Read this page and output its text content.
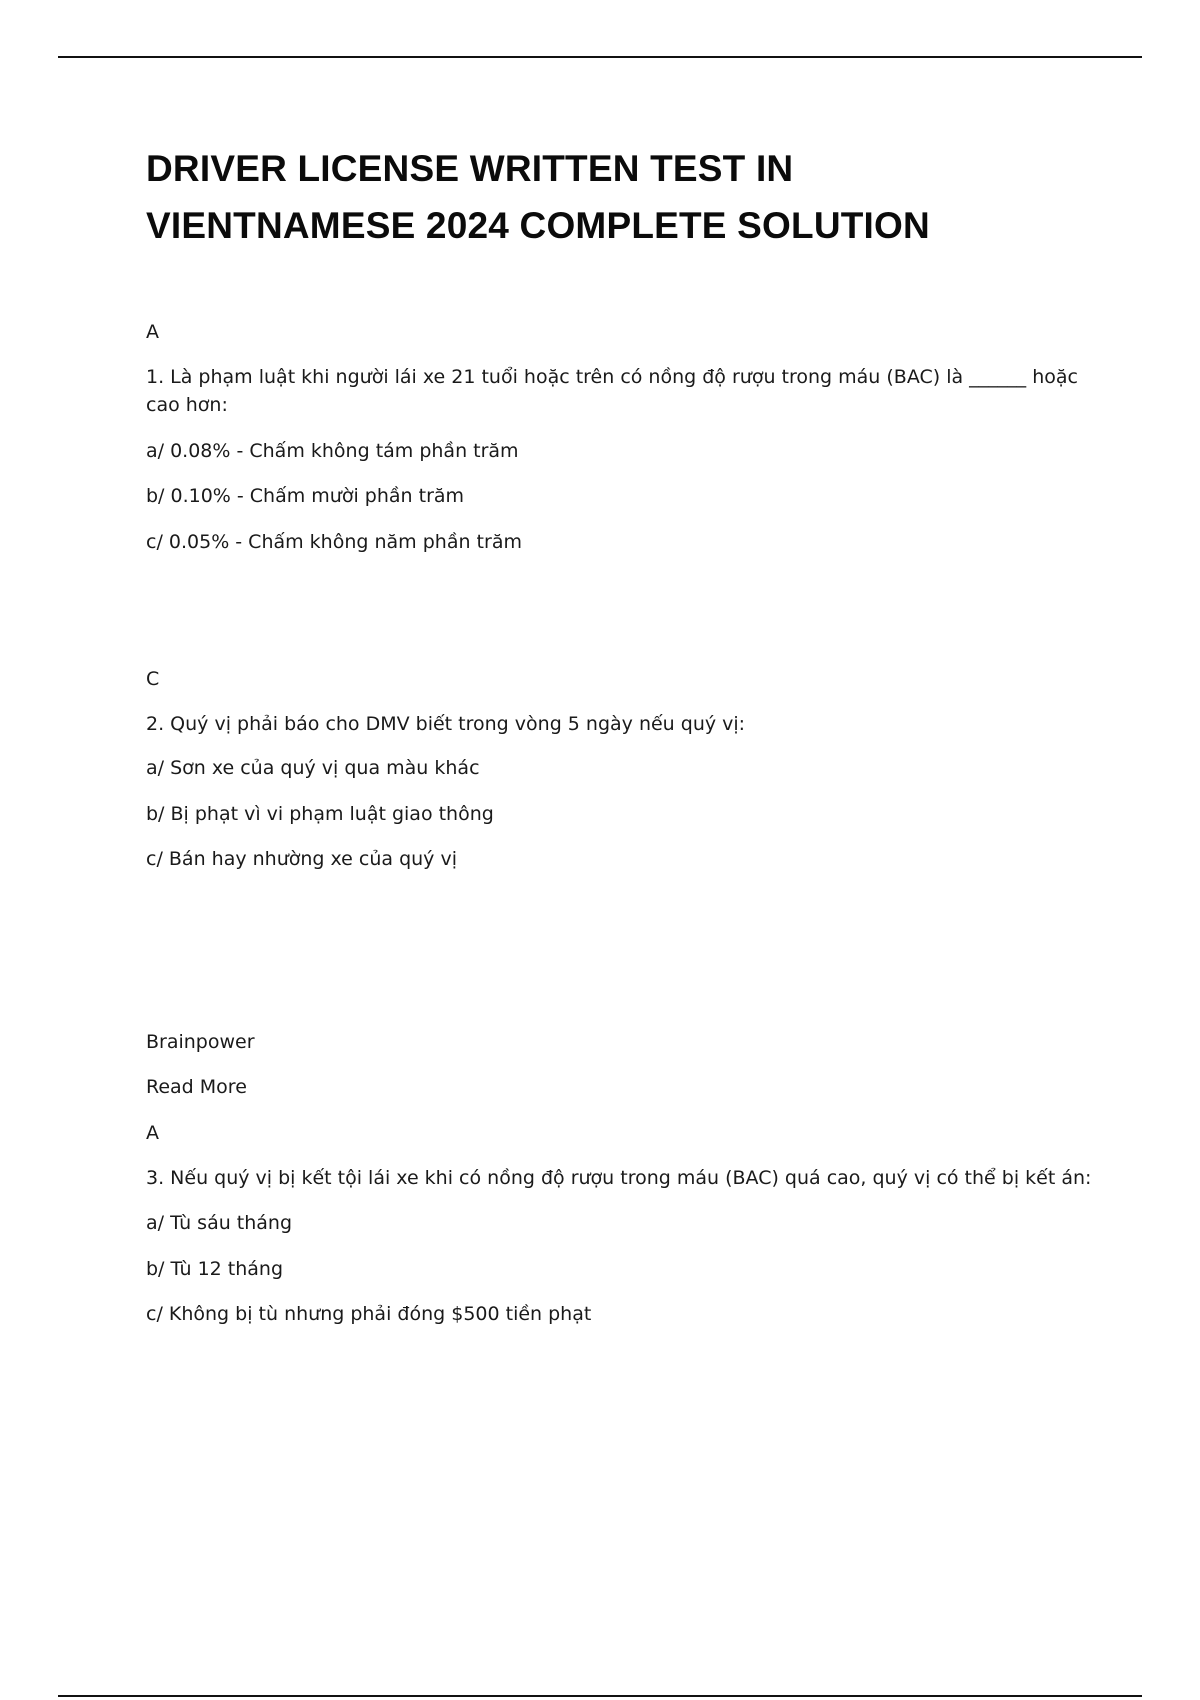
DRIVER LICENSE WRITTEN TEST IN
VIENTNAMESE 2024 COMPLETE SOLUTION
A
1. Là phạm luật khi người lái xe 21 tuổi hoặc trên có nồng độ rượu trong máu (BAC) là ______ hoặc cao hơn:
a/ 0.08% - Chấm không tám phần trăm
b/ 0.10% - Chấm mười phần trăm
c/ 0.05% - Chấm không năm phần trăm
C
2. Quý vị phải báo cho DMV biết trong vòng 5 ngày nếu quý vị:
a/ Sơn xe của quý vị qua màu khác
b/ Bị phạt vì vi phạm luật giao thông
c/ Bán hay nhường xe của quý vị
Brainpower
Read More
A
3. Nếu quý vị bị kết tội lái xe khi có nồng độ rượu trong máu (BAC) quá cao, quý vị có thể bị kết án:
a/ Tù sáu tháng
b/ Tù 12 tháng
c/ Không bị tù nhưng phải đóng $500 tiền phạt
